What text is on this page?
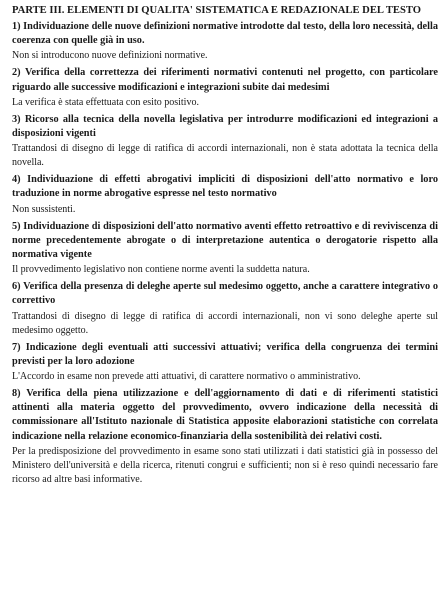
PARTE III. ELEMENTI DI QUALITA' SISTEMATICA E REDAZIONALE DEL TESTO
1) Individuazione delle nuove definizioni normative introdotte dal testo, della loro necessità, della coerenza con quelle già in uso.
Non si introducono nuove definizioni normative.
2) Verifica della correttezza dei riferimenti normativi contenuti nel progetto, con particolare riguardo alle successive modificazioni e integrazioni subite dai medesimi
La verifica è stata effettuata con esito positivo.
3) Ricorso alla tecnica della novella legislativa per introdurre modificazioni ed integrazioni a disposizioni vigenti
Trattandosi di disegno di legge di ratifica di accordi internazionali, non è stata adottata la tecnica della novella.
4) Individuazione di effetti abrogativi impliciti di disposizioni dell'atto normativo e loro traduzione in norme abrogative espresse nel testo normativo
Non sussistenti.
5) Individuazione di disposizioni dell'atto normativo aventi effetto retroattivo e di reviviscenza di norme precedentemente abrogate o di interpretazione autentica o derogatorie rispetto alla normativa vigente
Il provvedimento legislativo non contiene norme aventi la suddetta natura.
6) Verifica della presenza di deleghe aperte sul medesimo oggetto, anche a carattere integrativo o correttivo
Trattandosi di disegno di legge di ratifica di accordi internazionali, non vi sono deleghe aperte sul medesimo oggetto.
7) Indicazione degli eventuali atti successivi attuativi; verifica della congruenza dei termini previsti per la loro adozione
L'Accordo in esame non prevede atti attuativi, di carattere normativo o amministrativo.
8) Verifica della piena utilizzazione e dell'aggiornamento di dati e di riferimenti statistici attinenti alla materia oggetto del provvedimento, ovvero indicazione della necessità di commissionare all'Istituto nazionale di Statistica apposite elaborazioni statistiche con correlata indicazione nella relazione economico-finanziaria della sostenibilità dei relativi costi.
Per la predisposizione del provvedimento in esame sono stati utilizzati i dati statistici già in possesso del Ministero dell'università e della ricerca, ritenuti congrui e sufficienti; non si è reso quindi necessario fare ricorso ad altre basi informative.
